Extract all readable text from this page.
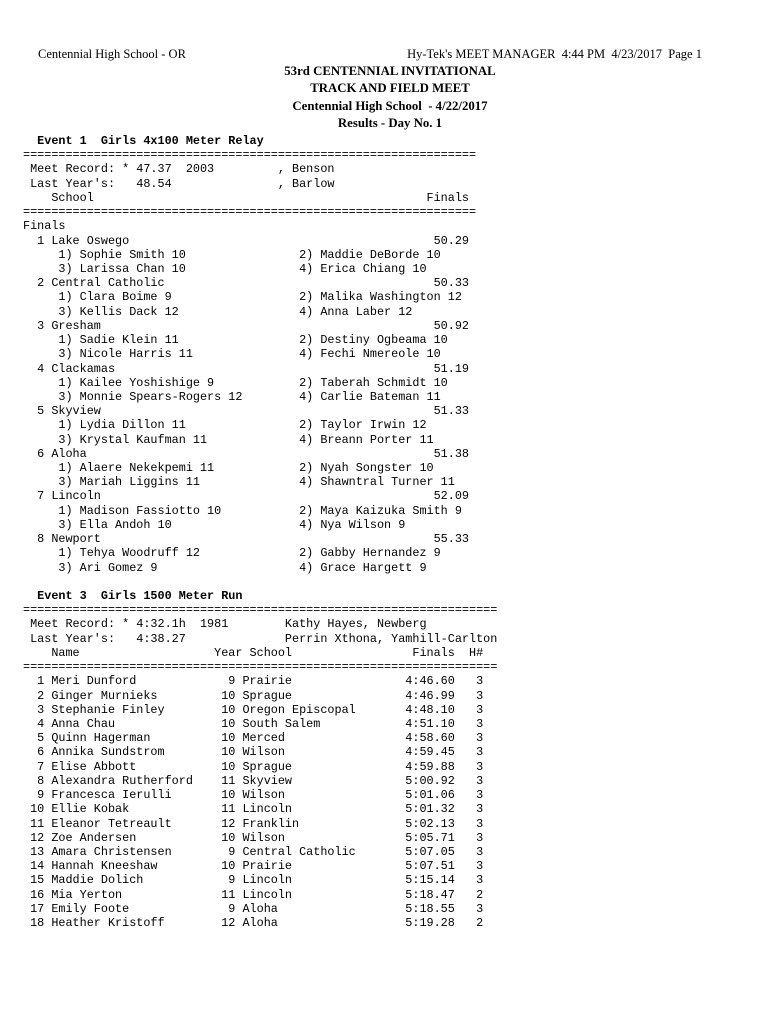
Centennial High School - OR	Hy-Tek's MEET MANAGER  4:44 PM  4/23/2017  Page 1
53rd CENTENNIAL INVITATIONAL
TRACK AND FIELD MEET
Centennial High School  - 4/22/2017
Results - Day No. 1
Event 1  Girls 4x100 Meter Relay
================================================================
Meet Record: * 47.37  2003         , Benson
Last Year's:   48.54               , Barlow
School                                               Finals
================================================================
Finals
1 Lake Oswego                                           50.29
1) Sophie Smith 10                2) Maddie DeBorde 10
3) Larissa Chan 10                4) Erica Chiang 10
2 Central Catholic                                      50.33
1) Clara Boime 9                  2) Malika Washington 12
3) Kellis Dack 12                 4) Anna Laber 12
3 Gresham                                               50.92
1) Sadie Klein 11                 2) Destiny Ogbeama 10
3) Nicole Harris 11               4) Fechi Nmereole 10
4 Clackamas                                             51.19
1) Kailee Yoshishige 9            2) Taberah Schmidt 10
3) Monnie Spears-Rogers 12        4) Carlie Bateman 11
5 Skyview                                               51.33
1) Lydia Dillon 11                2) Taylor Irwin 12
3) Krystal Kaufman 11             4) Breann Porter 11
6 Aloha                                                 51.38
1) Alaere Nekekpemi 11            2) Nyah Songster 10
3) Mariah Liggins 11              4) Shawntral Turner 11
7 Lincoln                                               52.09
1) Madison Fassiotto 10           2) Maya Kaizuka Smith 9
3) Ella Andoh 10                  4) Nya Wilson 9
8 Newport                                               55.33
1) Tehya Woodruff 12              2) Gabby Hernandez 9
3) Ari Gomez 9                    4) Grace Hargett 9
Event 3  Girls 1500 Meter Run
===================================================================
Meet Record: * 4:32.1h  1981        Kathy Hayes, Newberg
Last Year's:   4:38.27              Perrin Xthona, Yamhill-Carlton
Name                   Year School                 Finals  H#
===================================================================
1 Meri Dunford             9 Prairie                4:46.60   3
2 Ginger Murnieks         10 Sprague                4:46.99   3
3 Stephanie Finley        10 Oregon Episcopal       4:48.10   3
4 Anna Chau               10 South Salem            4:51.10   3
5 Quinn Hagerman          10 Merced                 4:58.60   3
6 Annika Sundstrom        10 Wilson                 4:59.45   3
7 Elise Abbott            10 Sprague                4:59.88   3
8 Alexandra Rutherford    11 Skyview                5:00.92   3
9 Francesca Ierulli       10 Wilson                 5:01.06   3
10 Ellie Kobak             11 Lincoln                5:01.32   3
11 Eleanor Tetreault       12 Franklin               5:02.13   3
12 Zoe Andersen            10 Wilson                 5:05.71   3
13 Amara Christensen        9 Central Catholic       5:07.05   3
14 Hannah Kneeshaw         10 Prairie                5:07.51   3
15 Maddie Dolich            9 Lincoln                5:15.14   3
16 Mia Yerton              11 Lincoln                5:18.47   2
17 Emily Foote              9 Aloha                  5:18.55   3
18 Heather Kristoff        12 Aloha                  5:19.28   2
